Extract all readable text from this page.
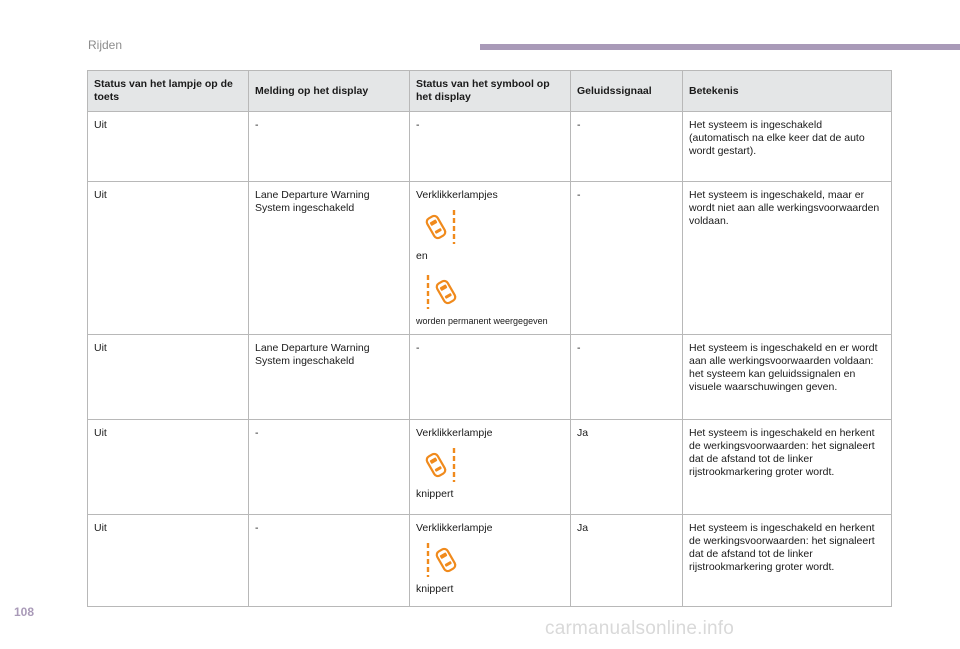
Rijden
Status van het lampje op de toets	Melding op het display	Status van het symbool op het display	Geluidssignaal	Betekenis
Uit	-	-	-	Het systeem is ingeschakeld (automatisch na elke keer dat de auto wordt gestart).
Uit	Lane Departure Warning System ingeschakeld	Verklikkerlampjes
en
worden permanent weergegeven	-	Het systeem is ingeschakeld, maar er wordt niet aan alle werkingsvoorwaarden voldaan.
Uit	Lane Departure Warning System ingeschakeld	-	-	Het systeem is ingeschakeld en er wordt aan alle werkingsvoorwaarden voldaan: het systeem kan geluidssignalen en visuele waarschuwingen geven.
Uit	-	Verklikkerlampje
knippert	Ja	Het systeem is ingeschakeld en herkent de werkingsvoorwaarden: het signaleert dat de afstand tot de linker rijstrookmarkering groter wordt.
Uit	-	Verklikkerlampje
knippert	Ja	Het systeem is ingeschakeld en herkent de werkingsvoorwaarden: het signaleert dat de afstand tot de linker rijstrookmarkering groter wordt.
108
carmanualsonline.info
